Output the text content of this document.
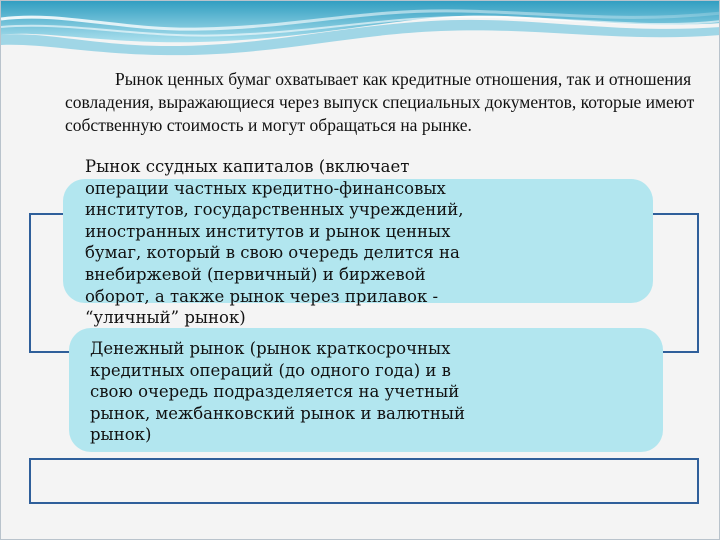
Рынок ценных бумаг охватывает как кредитные отношения, так и отношения совладения, выражающиеся через выпуск специальных документов, которые имеют собственную стоимость и могут обращаться на рынке.

Рынок ссудных капиталов (включает
операции частных кредитно-финансовых
институтов, государственных учреждений,
иностранных институтов и рынок ценных
бумаг, который в свою очередь делится на
внебиржевой (первичный) и биржевой
оборот, а также рынок через прилавок -
“уличный” рынок)

Денежный рынок (рынок краткосрочных
кредитных операций (до одного года) и в
свою очередь подразделяется на учетный
рынок, межбанковский рынок и валютный
рынок)
